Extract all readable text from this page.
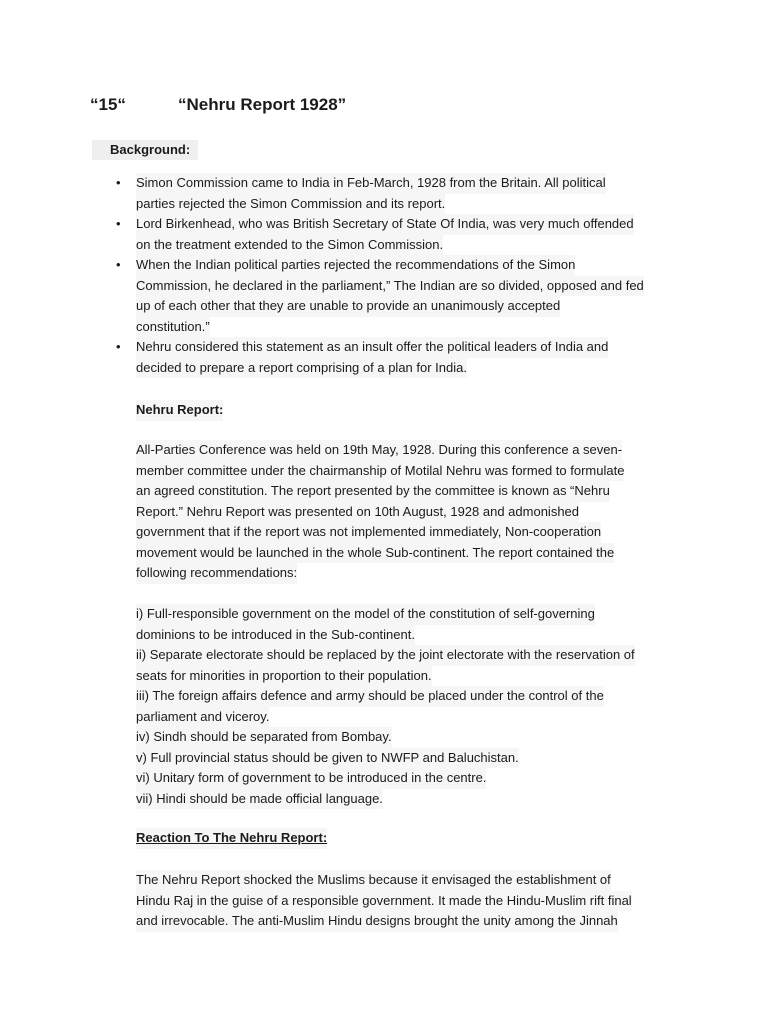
“15“	“Nehru Report 1928”
Background:
• Simon Commission came to India in Feb-March, 1928 from the Britain. All political
parties rejected the Simon Commission and its report.
• Lord Birkenhead, who was British Secretary of State Of India, was very much offended
on the treatment extended to the Simon Commission.
• When the Indian political parties rejected the recommendations of the Simon
Commission, he declared in the parliament,” The Indian are so divided, opposed and fed
up of each other that they are unable to provide an unanimously accepted
constitution.”
• Nehru considered this statement as an insult offer the political leaders of India and
decided to prepare a report comprising of a plan for India.
Nehru Report:
All-Parties Conference was held on 19th May, 1928. During this conference a seven-
member committee under the chairmanship of Motilal Nehru was formed to formulate
an agreed constitution. The report presented by the committee is known as “Nehru
Report.” Nehru Report was presented on 10th August, 1928 and admonished
government that if the report was not implemented immediately, Non-cooperation
movement would be launched in the whole Sub-continent. The report contained the
following recommendations:
i) Full-responsible government on the model of the constitution of self-governing
dominions to be introduced in the Sub-continent.
ii) Separate electorate should be replaced by the joint electorate with the reservation of
seats for minorities in proportion to their population.
iii) The foreign affairs defence and army should be placed under the control of the
parliament and viceroy.
iv) Sindh should be separated from Bombay.
v) Full provincial status should be given to NWFP and Baluchistan.
vi) Unitary form of government to be introduced in the centre.
vii) Hindi should be made official language.
Reaction To The Nehru Report:
The Nehru Report shocked the Muslims because it envisaged the establishment of
Hindu Raj in the guise of a responsible government. It made the Hindu-Muslim rift final
and irrevocable. The anti-Muslim Hindu designs brought the unity among the Jinnah
